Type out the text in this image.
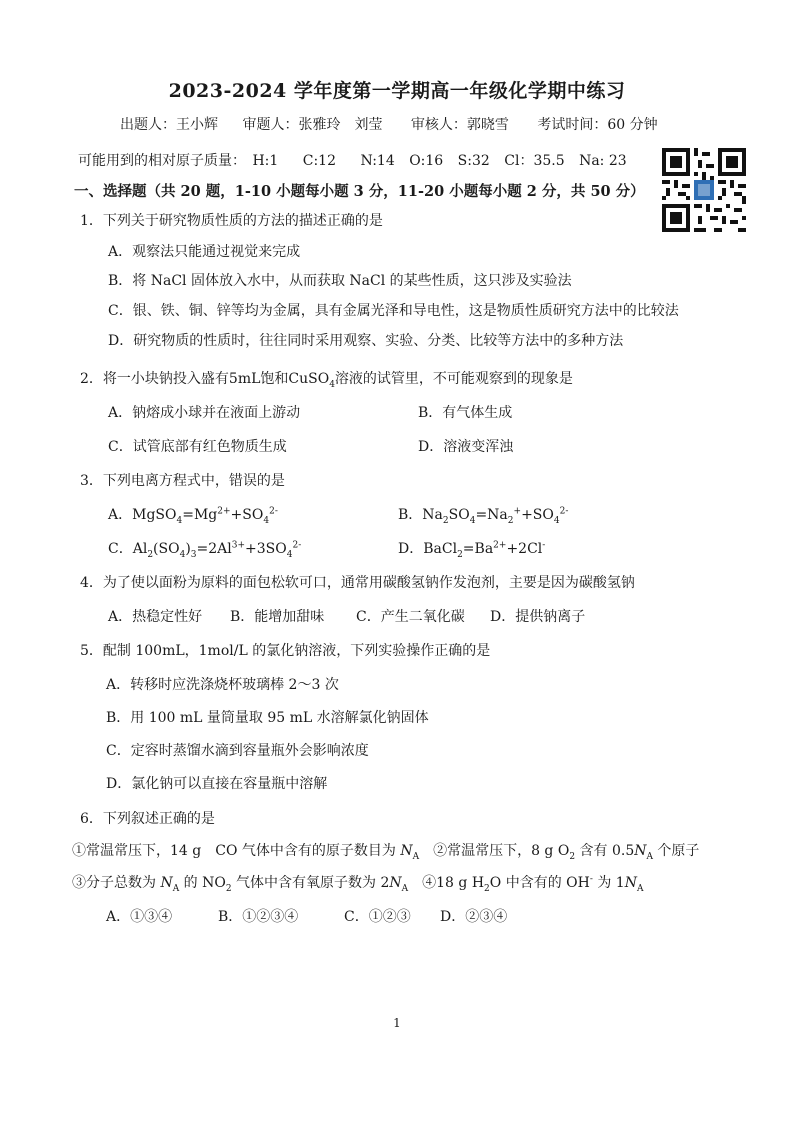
2023-2024 学年度第一学期高一年级化学期中练习
出题人：王小辉 审题人：张雅玲　刘莹 审核人：郭晓雪 考试时间：60 分钟
可能用到的相对原子质量： H:1 C:12 N:14 O:16 S:32 Cl：35.5 Na: 23
一、选择题（共 20 题，1-10 小题每小题 3 分，11-20 小题每小题 2 分，共 50 分）
1．下列关于研究物质性质的方法的描述正确的是
A．观察法只能通过视觉来完成
B．将 NaCl 固体放入水中，从而获取 NaCl 的某些性质，这只涉及实验法
C．银、铁、铜、锌等均为金属，具有金属光泽和导电性，这是物质性质研究方法中的比较法
D．研究物质的性质时，往往同时采用观察、实验、分类、比较等方法中的多种方法
2．将一小块钠投入盛有5mL饱和CuSO$_4$溶液的试管里，不可能观察到的现象是
A．钠熔成小球并在液面上游动	B．有气体生成
C．试管底部有红色物质生成	D．溶液变浑浊
3．下列电离方程式中，错误的是
A．$MgSO_4=Mg^{2+}+SO_4^{2-}$	B．$Na_2SO_4=Na_2^++SO_4^{2-}$
C．$Al_2(SO_4)_3=2Al^{3+}+3SO_4^{2-}$	D．$BaCl_2=Ba^{2+}+2Cl^-$
4．为了使以面粉为原料的面包松软可口，通常用碳酸氢钠作发泡剂，主要是因为碳酸氢钠
A．热稳定性好 B．能增加甜味 C．产生二氧化碳 D．提供钠离子
5．配制 100mL，1mol/L 的氯化钠溶液，下列实验操作正确的是
A．转移时应洗涤烧杯玻璃棒 2～3 次
B．用 100 mL 量筒量取 95 mL 水溶解氯化钠固体
C．定容时蒸馏水滴到容量瓶外会影响浓度
D．氯化钠可以直接在容量瓶中溶解
6．下列叙述正确的是
①常温常压下，14 g　CO 气体中含有的原子数目为 $N_A$　②常温常压下，8 g $O_2$ 含有 $0.5N_A$ 个原子
③分子总数为 $N_A$ 的 $NO_2$ 气体中含有氧原子数为 $2N_A$　④18 g $H_2O$ 中含有的 OH- 为 $1N_A$
A．①③④	B．①②③④	C．①②③ D．②③④
1
